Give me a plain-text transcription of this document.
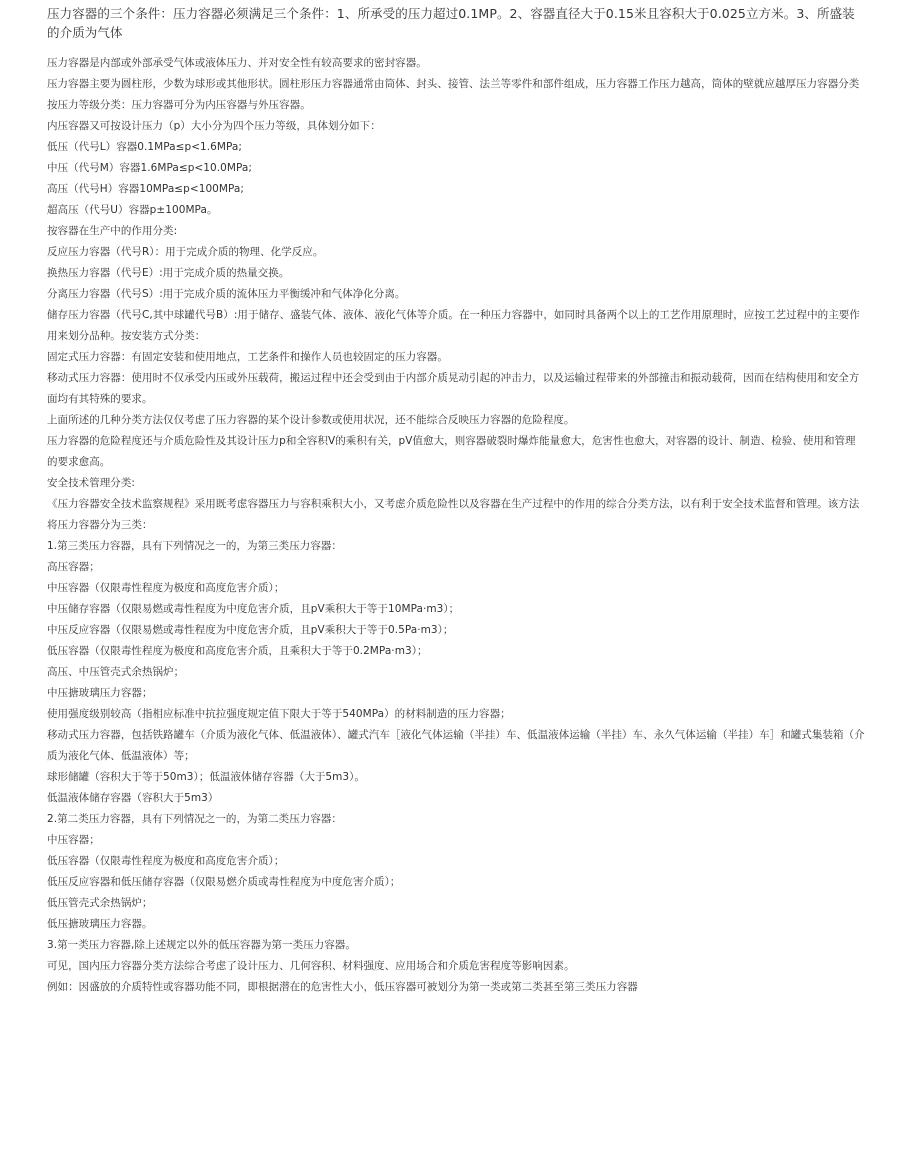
压力容器的三个条件：压力容器必须满足三个条件：1、所承受的压力超过0.1MP。2、容器直径大于0.15米且容积大于0.025立方米。3、所盛装的介质为气体

压力容器是内部或外部承受气体或液体压力、并对安全性有较高要求的密封容器。

压力容器主要为圆柱形，少数为球形或其他形状。圆柱形压力容器通常由筒体、封头、接管、法兰等零件和部件组成，压力容器工作压力越高，筒体的壁就应越厚压力容器分类

按压力等级分类：压力容器可分为内压容器与外压容器。

内压容器又可按设计压力（p）大小分为四个压力等级，具体划分如下：

低压（代号L）容器0.1MPa≤p<1.6MPa;

中压（代号M）容器1.6MPa≤p<10.0MPa;

高压（代号H）容器10MPa≤p<100MPa;

超高压（代号U）容器p±100MPa。

按容器在生产中的作用分类:

反应压力容器（代号R）：用于完成介质的物理、化学反应。

换热压力容器（代号E）:用于完成介质的热量交换。

分离压力容器（代号S）:用于完成介质的流体压力平衡缓冲和气体净化分离。

储存压力容器（代号C,其中球罐代号B）:用于储存、盛装气体、液体、液化气体等介质。在一种压力容器中，如同时具备两个以上的工艺作用原理时，应按工艺过程中的主要作用来划分品种。按安装方式分类：

固定式压力容器：有固定安装和使用地点，工艺条件和操作人员也较固定的压力容器。

移动式压力容器：使用时不仅承受内压或外压载荷，搬运过程中还会受到由于内部介质晃动引起的冲击力，以及运输过程带来的外部撞击和振动载荷，因而在结构使用和安全方面均有其特殊的要求。

上面所述的几种分类方法仅仅考虑了压力容器的某个设计参数或使用状况，还不能综合反映压力容器的危险程度。

压力容器的危险程度还与介质危险性及其设计压力p和全容积V的乘积有关，pV值愈大，则容器破裂时爆炸能量愈大，危害性也愈大，对容器的设计、制造、检验、使用和管理的要求愈高。

安全技术管理分类:

《压力容器安全技术监察规程》采用既考虑容器压力与容积乘积大小，又考虑介质危险性以及容器在生产过程中的作用的综合分类方法，以有利于安全技术监督和管理。该方法将压力容器分为三类：

1.第三类压力容器，具有下列情况之一的，为第三类压力容器：

高压容器；

中压容器（仅限毒性程度为极度和高度危害介质）；

中压储存容器（仅限易燃或毒性程度为中度危害介质，且pV乘积大于等于10MPa·m3）；

中压反应容器（仅限易燃或毒性程度为中度危害介质，且pV乘积大于等于0.5Pa·m3）；

低压容器（仅限毒性程度为极度和高度危害介质，且乘积大于等于0.2MPa·m3）；

高压、中压管壳式余热锅炉；

中压搪玻璃压力容器；

使用强度级别较高（指相应标准中抗拉强度规定值下限大于等于540MPa）的材料制造的压力容器；

移动式压力容器，包括铁路罐车（介质为液化气体、低温液体）、罐式汽车［液化气体运输（半挂）车、低温液体运输（半挂）车、永久气体运输（半挂）车］和罐式集装箱（介质为液化气体、低温液体）等；

球形储罐（容积大于等于50m3）；低温液体储存容器（大于5m3）。

低温液体储存容器（容积大于5m3）

2.第二类压力容器，具有下列情况之一的，为第二类压力容器：

中压容器；

低压容器（仅限毒性程度为极度和高度危害介质）；

低压反应容器和低压储存容器（仅限易燃介质或毒性程度为中度危害介质）；

低压管壳式余热锅炉；

低压搪玻璃压力容器。

3.第一类压力容器,除上述规定以外的低压容器为第一类压力容器。

可见，国内压力容器分类方法综合考虑了设计压力、几何容积、材料强度、应用场合和介质危害程度等影响因素。

例如：因盛放的介质特性或容器功能不同，即根据潜在的危害性大小，低压容器可被划分为第一类或第二类甚至第三类压力容器
